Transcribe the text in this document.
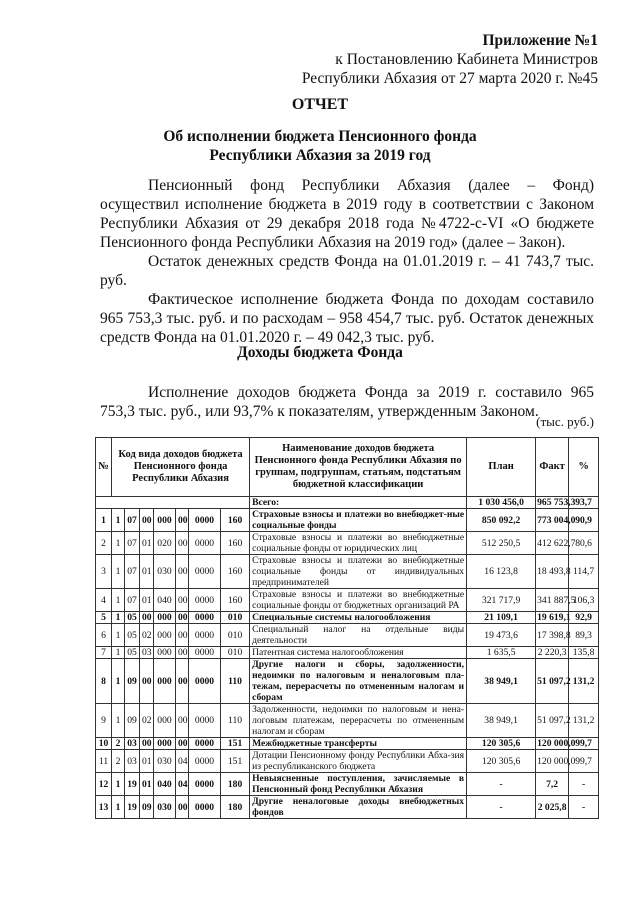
Приложение №1
к Постановлению Кабинета Министров
Республики Абхазия от 27 марта 2020 г. №45
ОТЧЕТ
Об исполнении бюджета Пенсионного фонда
Республики Абхазия за 2019 год
Пенсионный фонд Республики Абхазия (далее – Фонд) осуществил исполнение бюджета в 2019 году в соответствии с Законом Республики Абхазия от 29 декабря 2018 года №4722-с-VI «О бюджете Пенсионного фонда Республики Абхазия на 2019 год» (далее – Закон).
Остаток денежных средств Фонда на 01.01.2019 г. – 41 743,7 тыс. руб.
Фактическое исполнение бюджета Фонда по доходам составило 965 753,3 тыс. руб. и по расходам – 958 454,7 тыс. руб. Остаток денежных средств Фонда на 01.01.2020 г. – 49 042,3 тыс. руб.
Доходы бюджета Фонда
Исполнение доходов бюджета Фонда за 2019 г. составило 965 753,3 тыс. руб., или 93,7% к показателям, утвержденным Законом.
(тыс. руб.)
№	Код вида доходов бюджета Пенсионного фонда Республики Абхазия							Наименование доходов бюджета Пенсионного фонда Республики Абхазия по группам, подгруппам, статьям, подстатьям бюджетной классификации	План	Факт	%
								Всего:	1 030 456,0	965 753,3	93,7
1	1	07	00	000	00	0000	160	Страховые взносы и платежи во внебюджет-ные социальные фонды	850 092,2	773 004,0	90,9
2	1	07	01	020	00	0000	160	Страховые взносы и платежи во внебюджетные социальные фонды от юридических лиц	512 250,5	412 622,7	80,6
3	1	07	01	030	00	0000	160	Страховые взносы и платежи во внебюджетные социальные фонды от индивидуальных предпринимателей	16 123,8	18 493,8	114,7
4	1	07	01	040	00	0000	160	Страховые взносы и платежи во внебюджетные социальные фонды от бюджетных организаций РА	321 717,9	341 887,5	106,3
5	1	05	00	000	00	0000	010	Специальные системы налогообложения	21 109,1	19 619,1	92,9
6	1	05	02	000	00	0000	010	Специальный налог на отдельные виды деятельности	19 473,6	17 398,8	89,3
7	1	05	03	000	00	0000	010	Патентная система налогообложения	1 635,5	2 220,3	135,8
8	1	09	00	000	00	0000	110	Другие налоги и сборы, задолженности, недоимки по налоговым и неналоговым пла-тежам, перерасчеты по отмененным налогам и сборам	38 949,1	51 097,2	131,2
9	1	09	02	000	00	0000	110	Задолженности, недоимки по налоговым и нена-логовым платежам, перерасчеты по отмененным налогам и сборам	38 949,1	51 097,2	131,2
10	2	03	00	000	00	0000	151	Межбюджетные трансферты	120 305,6	120 000,0	99,7
11	2	03	01	030	04	0000	151	Дотации Пенсионному фонду Республики Абха-зия из республиканского бюджета	120 305,6	120 000,0	99,7
12	1	19	01	040	04	0000	180	Невыясненные поступления, зачисляемые в Пенсионный фонд Республики Абхазия	-	7,2	-
13	1	19	09	030	00	0000	180	Другие неналоговые доходы внебюджетных фондов	-	2 025,8	-
